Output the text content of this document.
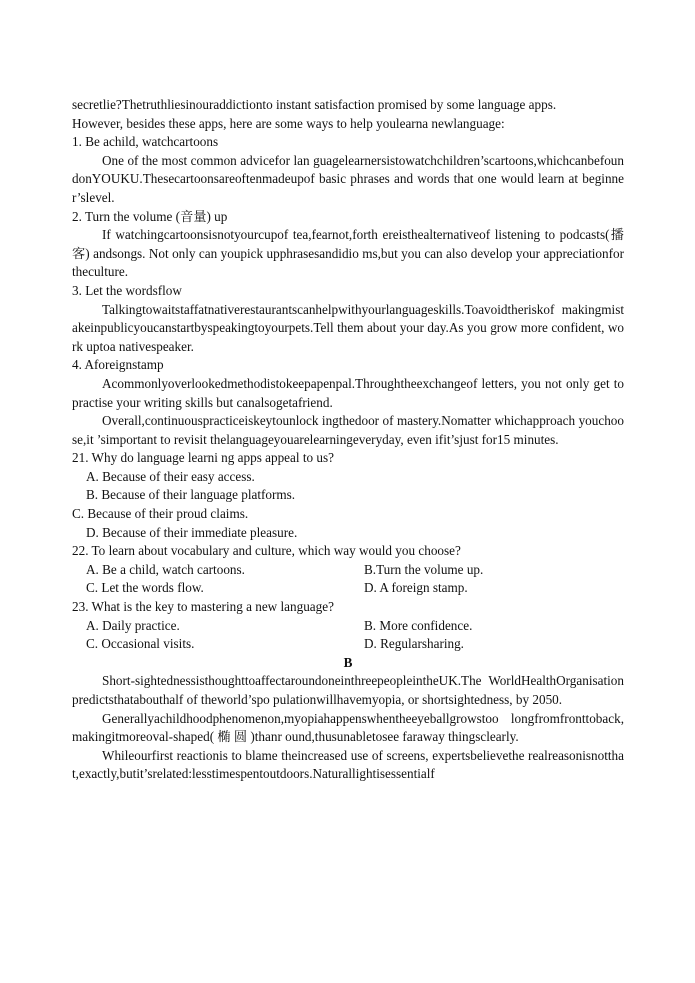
secretlie?Thetruthliesinouraddictionto instant satisfaction promised by some language apps.

However, besides these apps, here are some ways to help youlearna newlanguage:

1. Be achild, watchcartoons

One of the most common advicefor lan guagelearnersistowatchchildren’scartoons,whichcanbefoundonYOUKU.Thesecartoonsareoftenmadeupof basic phrases and words that one would learn at beginner’slevel.

2. Turn the volume (音量) up

If watchingcartoonsisnotyourcupof tea,fearnot,forth ereisthealternativeof listening to podcasts(播客) andsongs. Not only can youpick upphrasesandidio ms,but you can also develop your appreciationfor theculture.

3. Let the wordsflow

Talkingtowaitstaffatnativerestaurantscanhelpwithyourlanguageskills.Toavoidtheriskof makingmistakeinpublicyoucanstartbyspeakingtoyourpets.Tell them about your day.As you grow more confident, work uptoa nativespeaker.

4. Aforeignstamp

Acommonlyoverlookedmethodistokeepapenpal.Throughtheexchangeof letters, you not only get to practise your writing skills but canalsogetafriend.

Overall,continuouspracticeiskeytounlock ingthedoor of mastery.Nomatter whichapproach youchoose,it ’simportant to revisit thelanguageyouarelearningeveryday, even ifit’sjust for15 minutes.

21. Why do language learni ng apps appeal to us?

A. Because of their easy access.
B. Because of their language platforms.
C. Because of their proud claims.
D. Because of their immediate pleasure.

22. To learn about vocabulary and culture, which way would you choose?

A. Be a child, watch cartoons.	B.Turn the volume up.
C. Let the words flow.	D. A foreign stamp.

23. What is the key to mastering a new language?

A. Daily practice.	B. More confidence.
C. Occasional visits.	D. Regularsharing.

B

Short-sightednessisthoughttoaffectaroundoneinthreepeopleintheUK.The WorldHealthOrganisationpredictsthatabouthalf of theworld’spo pulationwillhavemyopia, or shortsightedness, by 2050.

Generallyachildhoodphenomenon,myopiahappenswhentheeyeballgrowstoo longfromfronttoback,makingitmoreoval-shaped( 椭 圆 )thanr ound,thusunabletosee faraway thingsclearly.

Whileourfirst reactionis to blame theincreased use of screens, expertsbelievethe realreasonisnotthat,exactly,butit’srelated:lesstimespentoutdoors.Naturallightisessentialf
